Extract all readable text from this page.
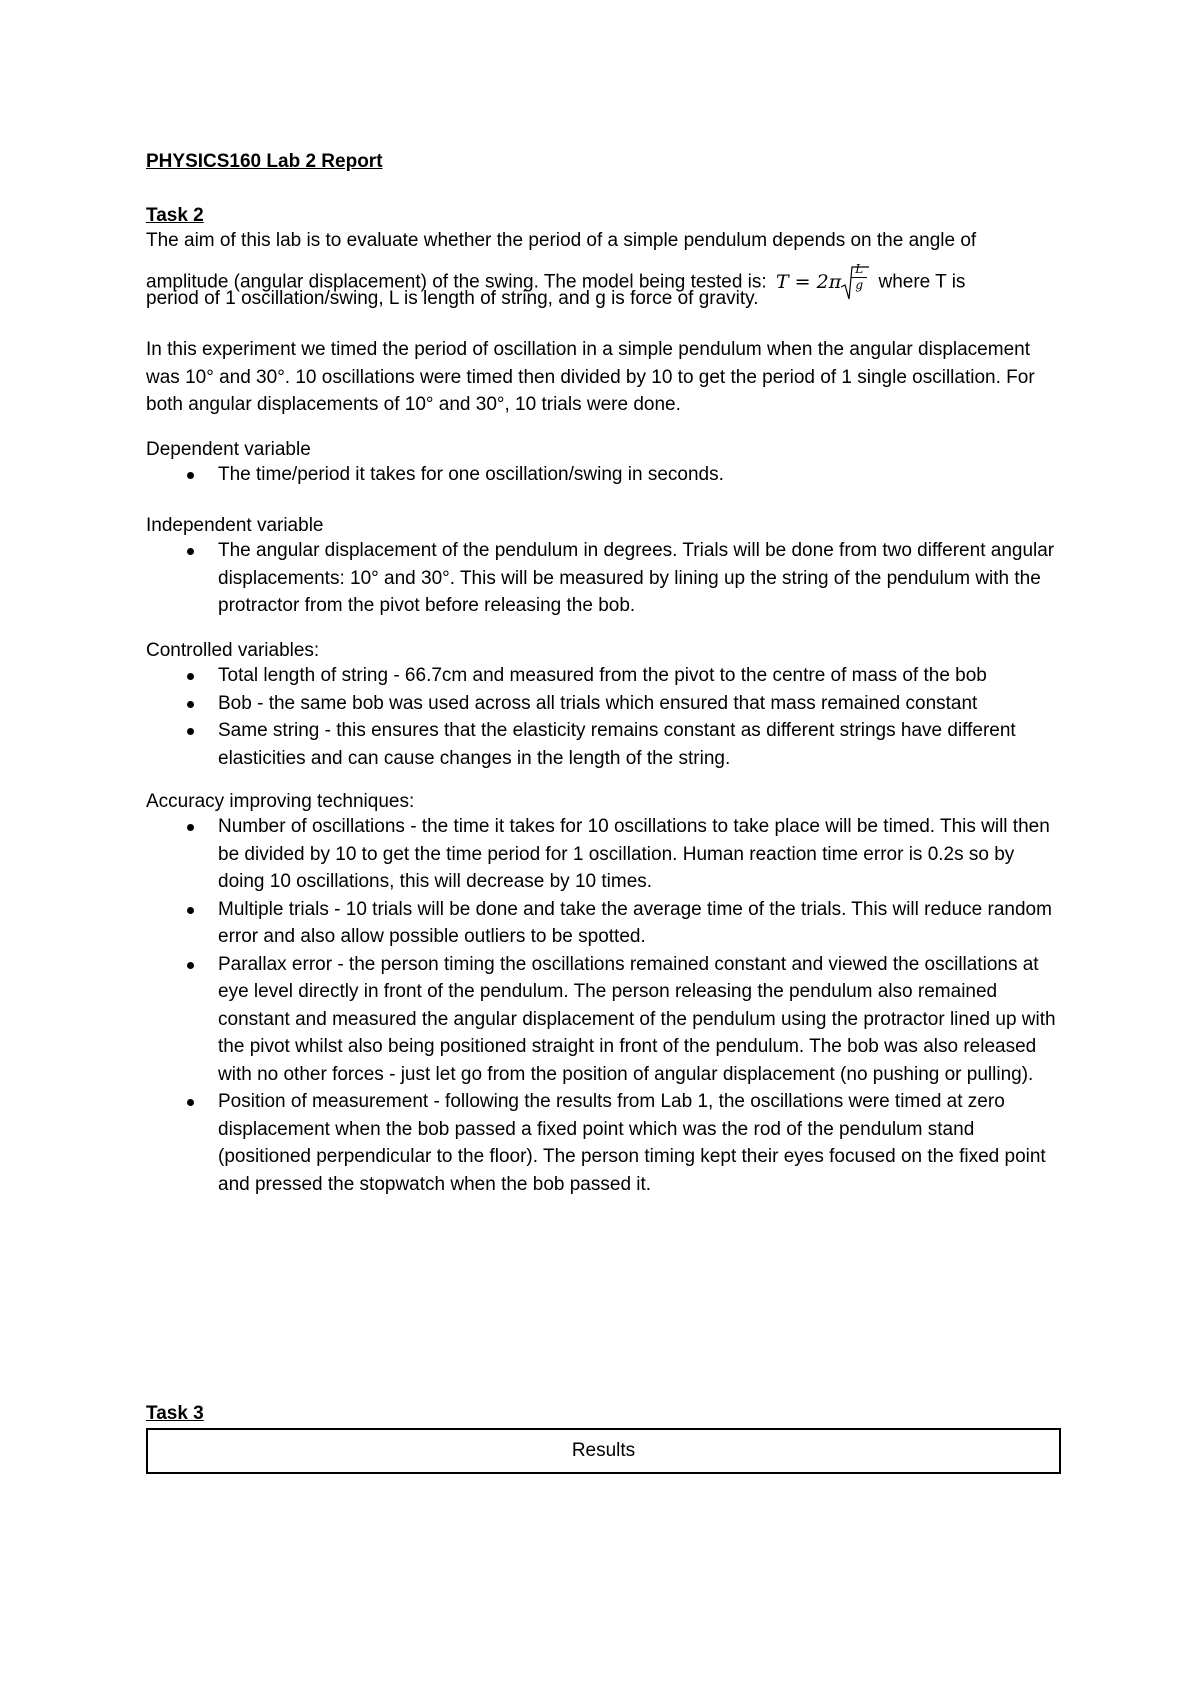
PHYSICS160 Lab 2 Report
Task 2
The aim of this lab is to evaluate whether the period of a simple pendulum depends on the angle of
amplitude (angular displacement) of the swing. The model being tested is: T = 2π
L
g where T is
period of 1 oscillation/swing, L is length of string, and g is force of gravity.

In this experiment we timed the period of oscillation in a simple pendulum when the angular displacement was 10° and 30°. 10 oscillations were timed then divided by 10 to get the period of 1 single oscillation. For both angular displacements of 10° and 30°, 10 trials were done.

Dependent variable
The time/period it takes for one oscillation/swing in seconds.
Independent variable
The angular displacement of the pendulum in degrees. Trials will be done from two different angular displacements: 10° and 30°. This will be measured by lining up the string of the pendulum with the protractor from the pivot before releasing the bob.
Controlled variables:
Total length of string - 66.7cm and measured from the pivot to the centre of mass of the bob
Bob - the same bob was used across all trials which ensured that mass remained constant
Same string - this ensures that the elasticity remains constant as different strings have different elasticities and can cause changes in the length of the string.
Accuracy improving techniques:
Number of oscillations - the time it takes for 10 oscillations to take place will be timed. This will then be divided by 10 to get the time period for 1 oscillation. Human reaction time error is 0.2s so by doing 10 oscillations, this will decrease by 10 times.
Multiple trials - 10 trials will be done and take the average time of the trials. This will reduce random error and also allow possible outliers to be spotted.
Parallax error - the person timing the oscillations remained constant and viewed the oscillations at eye level directly in front of the pendulum. The person releasing the pendulum also remained constant and measured the angular displacement of the pendulum using the protractor lined up with the pivot whilst also being positioned straight in front of the pendulum. The bob was also released with no other forces - just let go from the position of angular displacement (no pushing or pulling).
Position of measurement - following the results from Lab 1, the oscillations were timed at zero displacement when the bob passed a fixed point which was the rod of the pendulum stand (positioned perpendicular to the floor). The person timing kept their eyes focused on the fixed point and pressed the stopwatch when the bob passed it.
Task 3
Results
